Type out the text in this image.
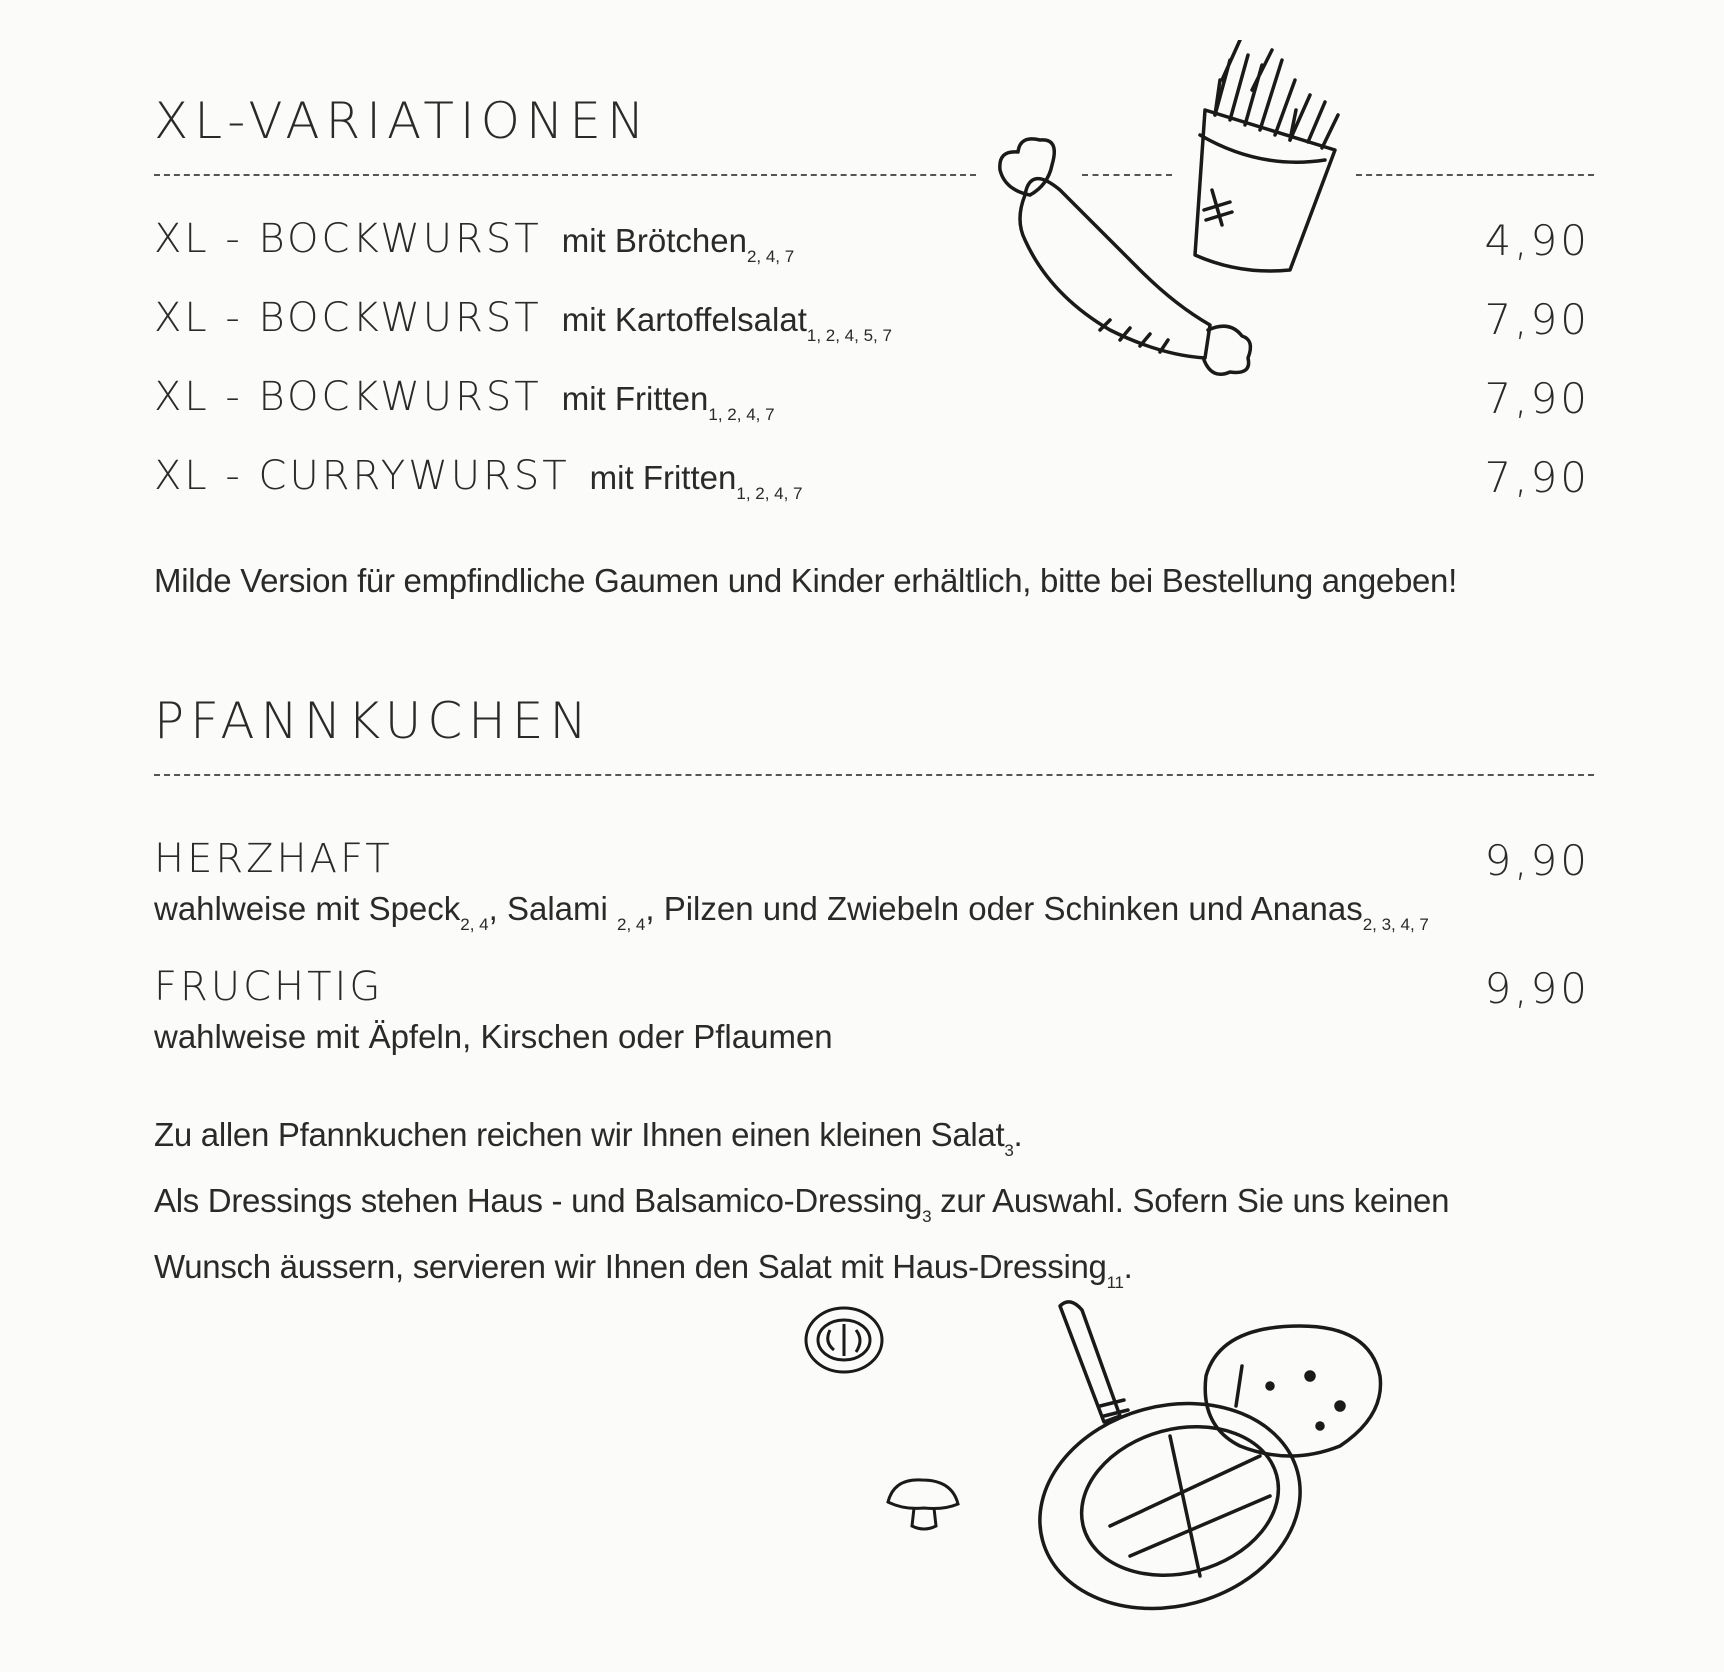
XL-VARIATIONEN
XL - BOCKWURST mit Brötchen$_{2, 4, 7}$	4,90
XL - BOCKWURST mit Kartoffelsalat$_{1, 2, 4, 5, 7}$	7,90
XL - BOCKWURST mit Fritten$_{1, 2, 4, 7}$	7,90
XL - CURRYWURST mit Fritten$_{1, 2, 4, 7}$	7,90

Milde Version für empfindliche Gaumen und Kinder erhältlich, bitte bei Bestellung angeben!

PFANNKUCHEN
HERZHAFT	9,90
wahlweise mit Speck$_{2, 4}$, Salami $_{2, 4}$, Pilzen und Zwiebeln oder Schinken und Ananas$_{2, 3, 4, 7}$
FRUCHTIG	9,90
wahlweise mit Äpfeln, Kirschen oder Pflaumen

Zu allen Pfannkuchen reichen wir Ihnen einen kleinen Salat$_3$.
Als Dressings stehen Haus - und Balsamico-Dressing$_3$ zur Auswahl. Sofern Sie uns keinen Wunsch äussern, servieren wir Ihnen den Salat mit Haus-Dressing$_{11}$.
